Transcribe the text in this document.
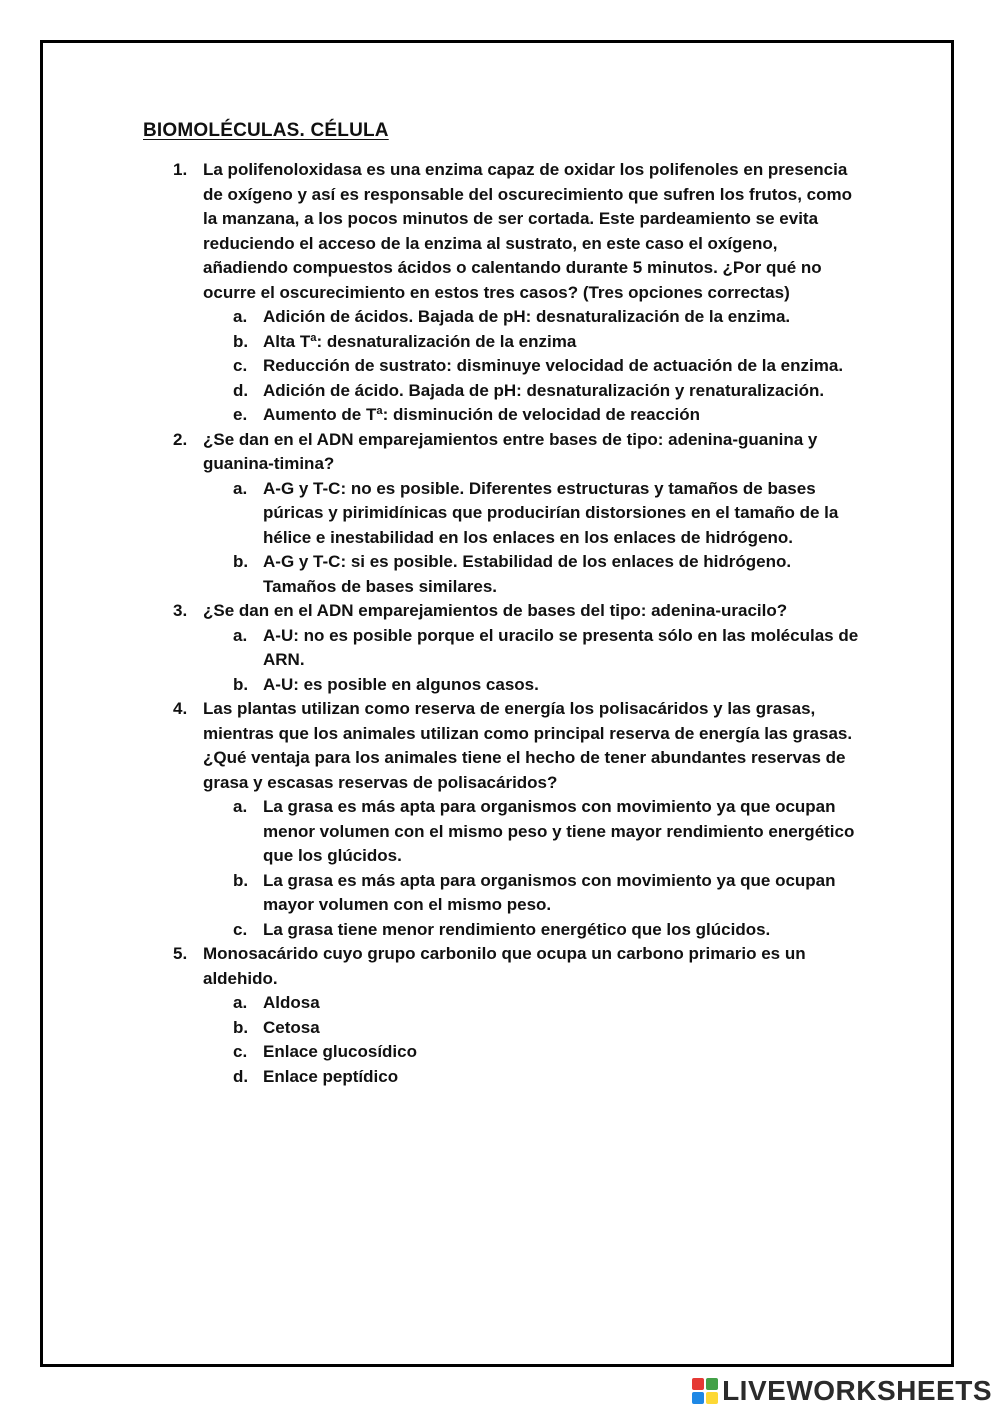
BIOMOLÉCULAS. CÉLULA
1. La polifenoloxidasa es una enzima capaz de oxidar los polifenoles en presencia de oxígeno y así es responsable del oscurecimiento que sufren los frutos, como la manzana, a los pocos minutos de ser cortada. Este pardeamiento se evita reduciendo el acceso de la enzima al sustrato, en este caso el oxígeno, añadiendo compuestos ácidos o calentando durante 5 minutos. ¿Por qué no ocurre el oscurecimiento en estos tres casos? (Tres opciones correctas)
a. Adición de ácidos. Bajada de pH: desnaturalización de la enzima.
b. Alta Tª: desnaturalización de la enzima
c. Reducción de sustrato: disminuye velocidad de actuación de la enzima.
d. Adición de ácido. Bajada de pH: desnaturalización y renaturalización.
e. Aumento de Tª: disminución de velocidad de reacción
2. ¿Se dan en el ADN emparejamientos entre bases de tipo: adenina-guanina y guanina-timina?
a. A-G y T-C: no es posible. Diferentes estructuras y tamaños de bases púricas y pirimidínicas que producirían distorsiones en el tamaño de la hélice e inestabilidad en los enlaces en los enlaces de hidrógeno.
b. A-G y T-C: si es posible. Estabilidad de los enlaces de hidrógeno. Tamaños de bases similares.
3. ¿Se dan en el ADN emparejamientos de bases del tipo: adenina-uracilo?
a. A-U: no es posible porque el uracilo se presenta sólo en las moléculas de ARN.
b. A-U: es posible en algunos casos.
4. Las plantas utilizan como reserva de energía los polisacáridos y las grasas, mientras que los animales utilizan como principal reserva de energía las grasas. ¿Qué ventaja para los animales tiene el hecho de tener abundantes reservas de grasa y escasas reservas de polisacáridos?
a. La grasa es más apta para organismos con movimiento ya que ocupan menor volumen con el mismo peso y tiene mayor rendimiento energético que los glúcidos.
b. La grasa es más apta para organismos con movimiento ya que ocupan mayor volumen con el mismo peso.
c. La grasa tiene menor rendimiento energético que los glúcidos.
5. Monosacárido cuyo grupo carbonilo que ocupa un carbono primario es un aldehido.
a. Aldosa
b. Cetosa
c. Enlace glucosídico
d. Enlace peptídico
LIVEWORKSHEETS
